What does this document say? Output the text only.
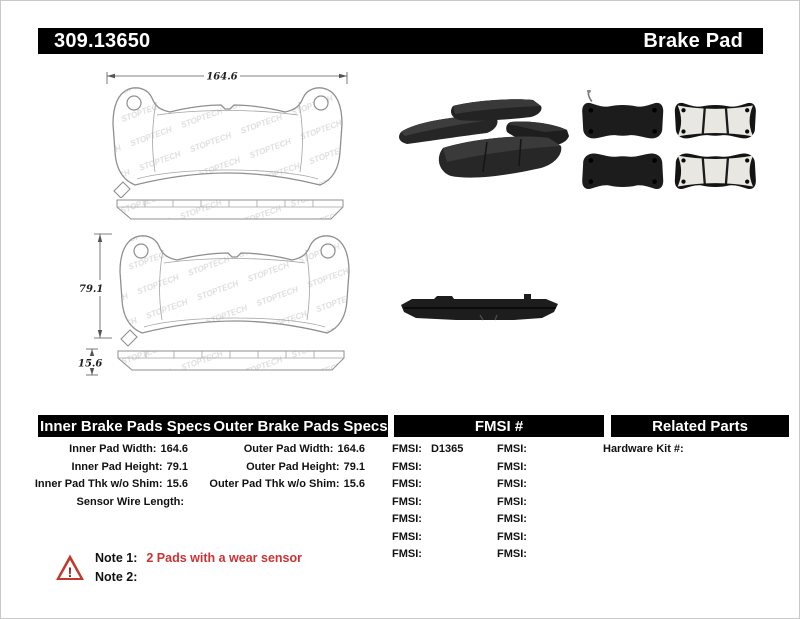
309.13650	Brake Pad
164.6
79.1
15.6
Inner Brake Pads Specs Outer Brake Pads Specs	FMSI #	Related Parts
Inner Pad Width: 164.6
Inner Pad Height: 79.1
Inner Pad Thk w/o Shim: 15.6
Sensor Wire Length:
Outer Pad Width: 164.6
Outer Pad Height: 79.1
Outer Pad Thk w/o Shim: 15.6
FMSI: D1365
FMSI:
FMSI:
FMSI:
FMSI:
FMSI:
FMSI:
FMSI:
FMSI:
FMSI:
FMSI:
FMSI:
FMSI:
FMSI:
Hardware Kit #:
!
Note 1: 2 Pads with a wear sensor
Note 2:
